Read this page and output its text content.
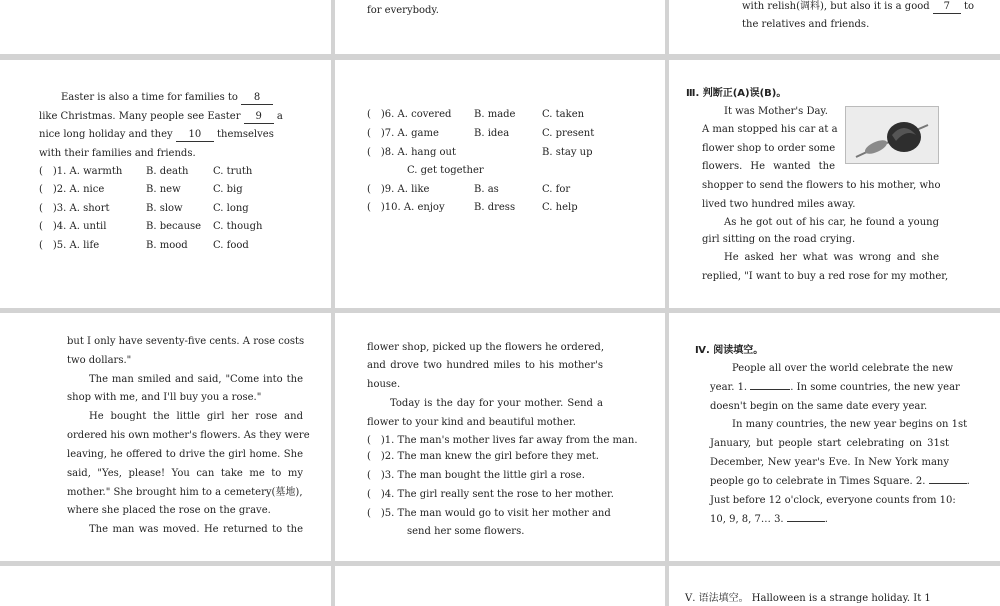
for everybody.	with relish(调料), but also it is a good 7 to
the relatives and friends.
Easter is also a time for families to 8
like Christmas. Many people see Easter 9 a
nice long holiday and they 10 themselves
with their families and friends.
(　)1. A. warmth B. death C. truth
(　)2. A. nice	B. new	C. big
(　)3. A. short	B. slow	C. long
(　)4. A. until	B. because C. though
(　)5. A. life	B. mood	C. food
(　)6. A. covered B. made	C. taken
(　)7. A. game	B. idea	C. present
(　)8. A. hang out	B. stay up
C. get together
(　)9. A. like	B. as	C. for
(　)10. A. enjoy	B. dress	C. help
Ⅲ. 判断正(A)误(B)。
It was Mother's Day.
A man stopped his car at a
flower shop to order some
flowers. He wanted the
shopper to send the flowers to his mother, who
lived two hundred miles away.
As he got out of his car, he found a young
girl sitting on the road crying.
He asked her what was wrong and she
replied, "I want to buy a red rose for my mother,
but I only have seventy-five cents. A rose costs
two dollars."
The man smiled and said, "Come into the
shop with me, and I'll buy you a rose."
He bought the little girl her rose and
ordered his own mother's flowers. As they were
leaving, he offered to drive the girl home. She
said, "Yes, please! You can take me to my
mother." She brought him to a cemetery(墓地),
where she placed the rose on the grave.
The man was moved. He returned to the
flower shop, picked up the flowers he ordered,
and drove two hundred miles to his mother's
house.
Today is the day for your mother. Send a
flower to your kind and beautiful mother.
(　)1. The man's mother lives far away from the man.
(　)2. The man knew the girl before they met.
(　)3. The man bought the little girl a rose.
(　)4. The girl really sent the rose to her mother.
(　)5. The man would go to visit her mother and
send her some flowers.
Ⅳ. 阅读填空。
People all over the world celebrate the new
year. 1.	. In some countries, the new year
doesn't begin on the same date every year.
In many countries, the new year begins on 1st
January, but people start celebrating on 31st
December, New year's Eve. In New York many
people go to celebrate in Times Square. 2.	.
Just before 12 o'clock, everyone counts from 10:
10, 9, 8, 7… 3.	.
Ⅴ. 语法填空。 Halloween is a strange holiday. It 1
